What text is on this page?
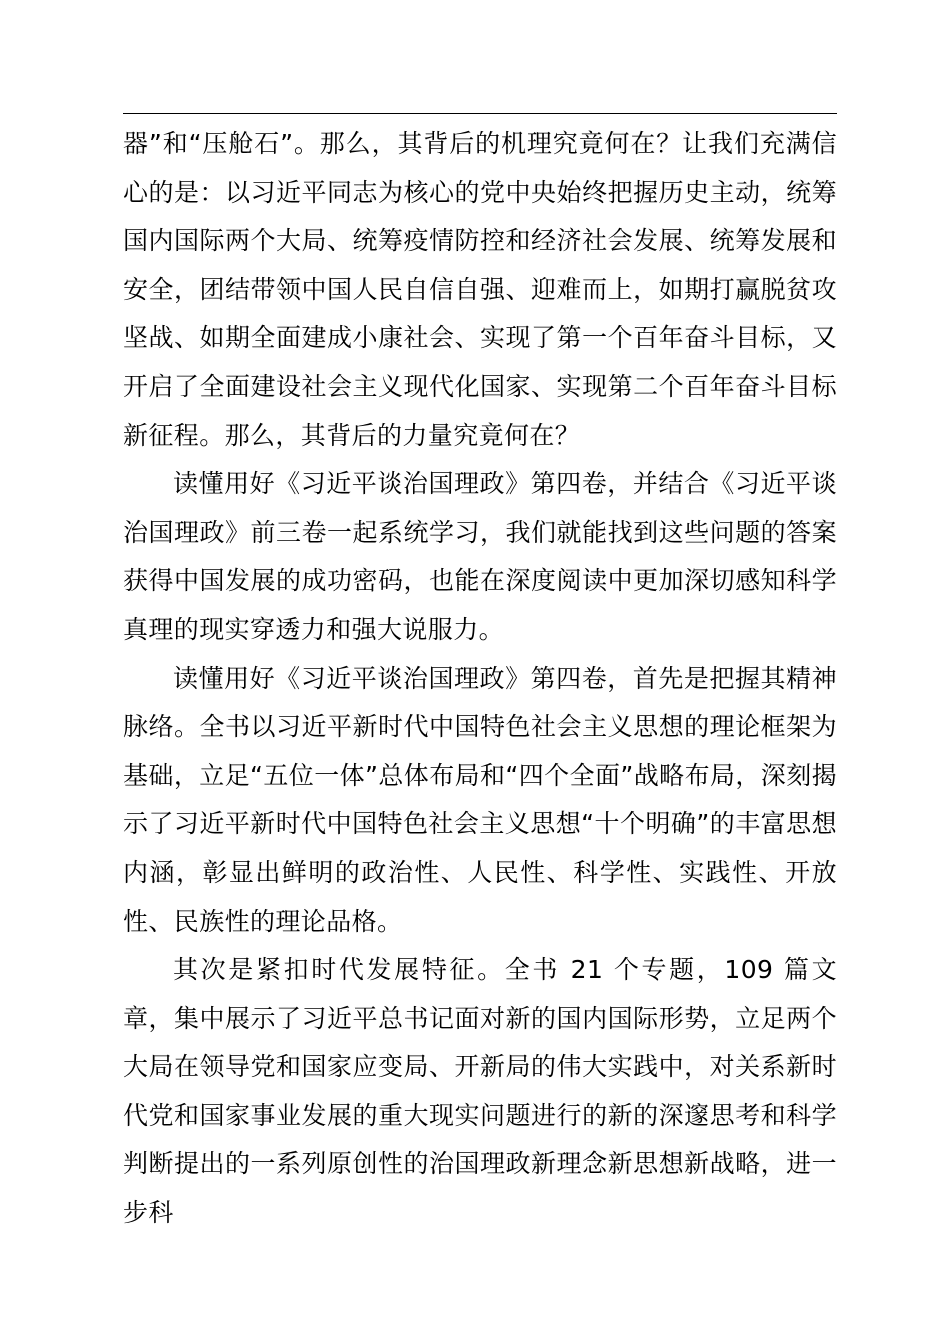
器”和“压舱石”。那么，其背后的机理究竟何在？让我们充满信心的是：以习近平同志为核心的党中央始终把握历史主动，统筹国内国际两个大局、统筹疫情防控和经济社会发展、统筹发展和安全，团结带领中国人民自信自强、迎难而上，如期打赢脱贫攻坚战、如期全面建成小康社会、实现了第一个百年奋斗目标，又开启了全面建设社会主义现代化国家、实现第二个百年奋斗目标新征程。那么，其背后的力量究竟何在？

读懂用好《习近平谈治国理政》第四卷，并结合《习近平谈治国理政》前三卷一起系统学习，我们就能找到这些问题的答案获得中国发展的成功密码，也能在深度阅读中更加深切感知科学真理的现实穿透力和强大说服力。

读懂用好《习近平谈治国理政》第四卷，首先是把握其精神脉络。全书以习近平新时代中国特色社会主义思想的理论框架为基础，立足“五位一体”总体布局和“四个全面”战略布局，深刻揭示了习近平新时代中国特色社会主义思想“十个明确”的丰富思想内涵，彰显出鲜明的政治性、人民性、科学性、实践性、开放性、民族性的理论品格。

其次是紧扣时代发展特征。全书 21 个专题，109 篇文章，集中展示了习近平总书记面对新的国内国际形势，立足两个大局在领导党和国家应变局、开新局的伟大实践中，对关系新时代党和国家事业发展的重大现实问题进行的新的深邃思考和科学判断提出的一系列原创性的治国理政新理念新思想新战略，进一步科
